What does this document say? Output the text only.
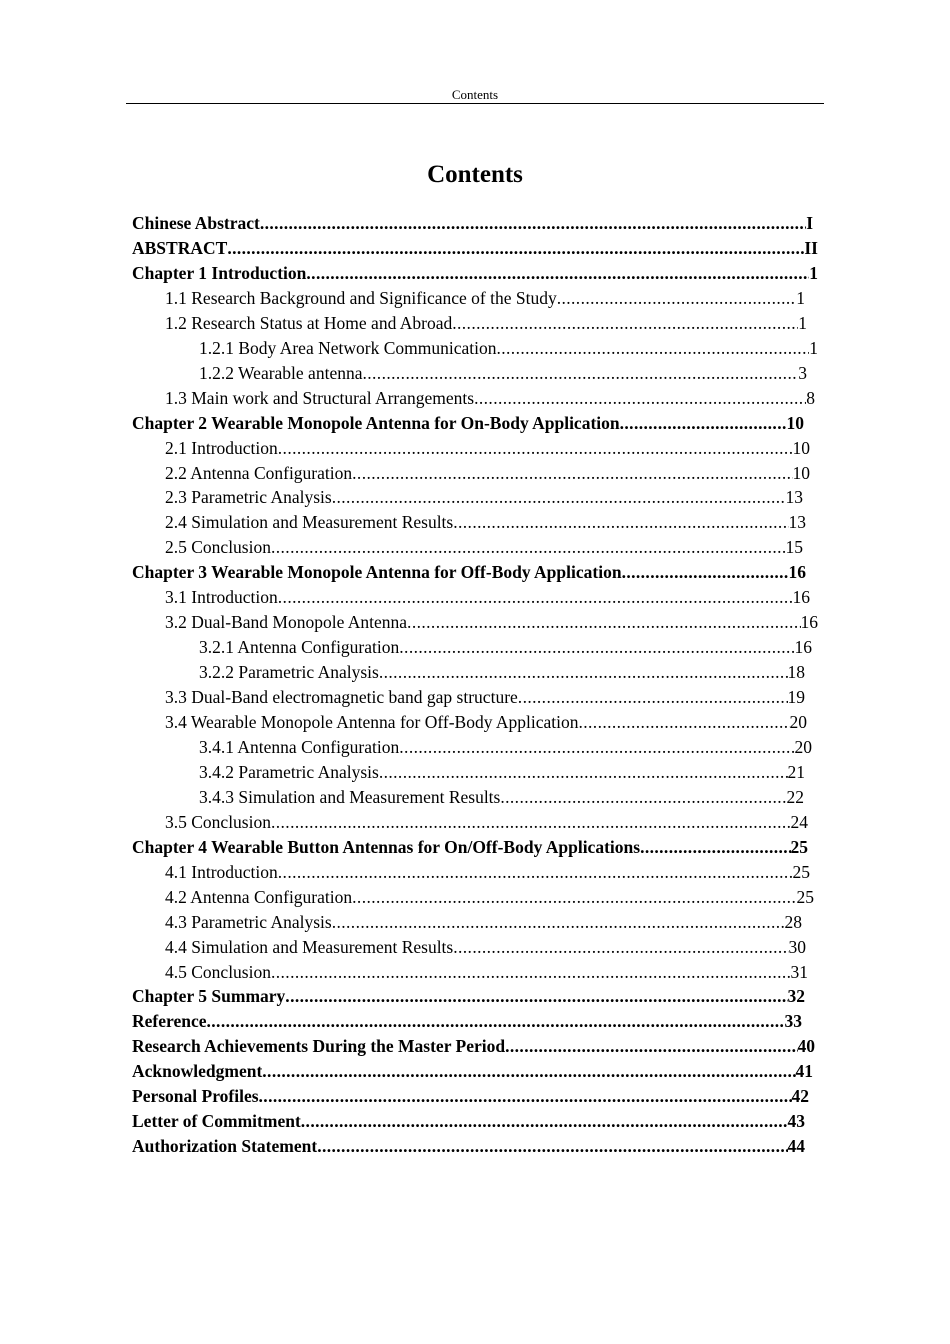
Contents
Contents
Chinese Abstract .....	I
ABSTRACT .....	II
Chapter 1 Introduction .....	1
1.1 Research Background and Significance of the Study .....	1
1.2 Research Status at Home and Abroad .....	1
1.2.1 Body Area Network Communication .....	1
1.2.2 Wearable antenna .....	3
1.3 Main work and Structural Arrangements .....	8
Chapter 2 Wearable Monopole Antenna for On-Body Application .....	10
2.1 Introduction .....	10
2.2 Antenna Configuration .....	10
2.3 Parametric Analysis .....	13
2.4 Simulation and Measurement Results .....	13
2.5 Conclusion .....	15
Chapter 3 Wearable Monopole Antenna for Off-Body Application .....	16
3.1 Introduction .....	16
3.2 Dual-Band Monopole Antenna .....	16
3.2.1 Antenna Configuration .....	16
3.2.2 Parametric Analysis .....	18
3.3 Dual-Band electromagnetic band gap structure .....	19
3.4 Wearable Monopole Antenna for Off-Body Application .....	20
3.4.1 Antenna Configuration .....	20
3.4.2 Parametric Analysis .....	21
3.4.3 Simulation and Measurement Results .....	22
3.5 Conclusion .....	24
Chapter 4 Wearable Button Antennas for On/Off-Body Applications .....	25
4.1 Introduction .....	25
4.2 Antenna Configuration .....	25
4.3 Parametric Analysis .....	28
4.4 Simulation and Measurement Results .....	30
4.5 Conclusion .....	31
Chapter 5 Summary .....	32
Reference .....	33
Research Achievements During the Master Period .....	40
Acknowledgment .....	41
Personal Profiles .....	42
Letter of Commitment .....	43
Authorization Statement .....	44
